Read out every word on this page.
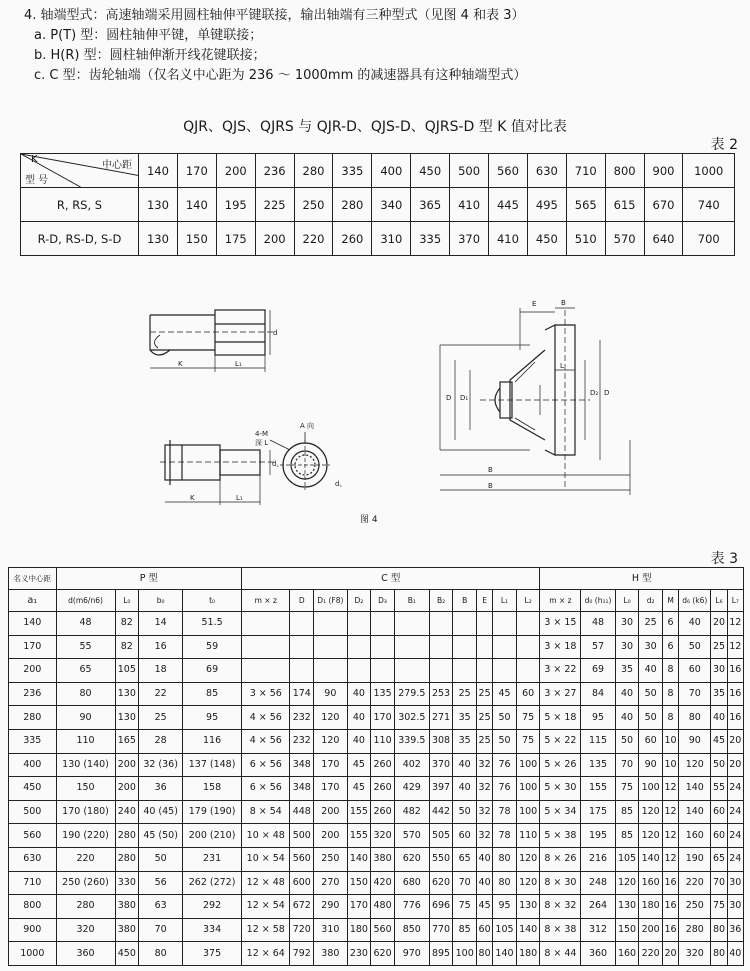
4. 轴端型式：高速轴端采用圆柱轴伸平键联接，输出轴端有三种型式（见图 4 和表 3）
a. P(T) 型：圆柱轴伸平键，单键联接；
b. H(R) 型：圆柱轴伸渐开线花键联接；
c. C 型：齿轮轴端（仅名义中心距为 236 ～ 1000mm 的减速器具有这种轴端型式）
QJR、QJS、QJRS 与 QJR-D、QJS-D、QJRS-D 型 K 值对比表
表 2
K
中心距
型 号	140	170	200	236	280	335	400	450	500	560	630	710	800	900	1000
R, RS, S	130	140	195	225	250	280	340	365	410	445	495	565	615	670	740
R-D, RS-D, S-D	130	150	175	200	220	260	310	335	370	410	450	510	570	640	700
K	L₁
d
K	L₁
d꜀
A 向
4-M
深 L
d꜀
E	B
D D₁
D₂ D
L
B
B
图 4
表 3
名义中心距	P 型				C 型											H 型							
a₁	d(m6/n6)	L₀	b₀	t₀	m × z	D	D₁ (F8)	D₂	D₃	B₁	B₂	B	E	L₁	L₂	m × z	d₀ (h₁₁)	L₀	d₂	M	d₆ (k6)	L₆	L₇
140	48	82	14	51.5												3 × 15	48	30	25	6	40	20	12
170	55	82	16	59												3 × 18	57	30	30	6	50	25	12
200	65	105	18	69												3 × 22	69	35	40	8	60	30	16
236	80	130	22	85	3 × 56	174	90	40	135	279.5	253	25	25	45	60	3 × 27	84	40	50	8	70	35	16
280	90	130	25	95	4 × 56	232	120	40	170	302.5	271	35	25	50	75	5 × 18	95	40	50	8	80	40	16
335	110	165	28	116	4 × 56	232	120	40	110	339.5	308	35	25	50	75	5 × 22	115	50	60	10	90	45	20
400	130 (140)	200	32 (36)	137 (148)	6 × 56	348	170	45	260	402	370	40	32	76	100	5 × 26	135	70	90	10	120	50	20
450	150	200	36	158	6 × 56	348	170	45	260	429	397	40	32	76	100	5 × 30	155	75	100	12	140	55	24
500	170 (180)	240	40 (45)	179 (190)	8 × 54	448	200	155	260	482	442	50	32	78	100	5 × 34	175	85	120	12	140	60	24
560	190 (220)	280	45 (50)	200 (210)	10 × 48	500	200	155	320	570	505	60	32	78	110	5 × 38	195	85	120	12	160	60	24
630	220	280	50	231	10 × 54	560	250	140	380	620	550	65	40	80	120	8 × 26	216	105	140	12	190	65	24
710	250 (260)	330	56	262 (272)	12 × 48	600	270	150	420	680	620	70	40	80	120	8 × 30	248	120	160	16	220	70	30
800	280	380	63	292	12 × 54	672	290	170	480	776	696	75	45	95	130	8 × 32	264	130	180	16	250	75	30
900	320	380	70	334	12 × 58	720	310	180	560	850	770	85	60	105	140	8 × 38	312	150	200	16	280	80	36
1000	360	450	80	375	12 × 64	792	380	230	620	970	895	100	80	140	180	8 × 44	360	160	220	20	320	80	40
